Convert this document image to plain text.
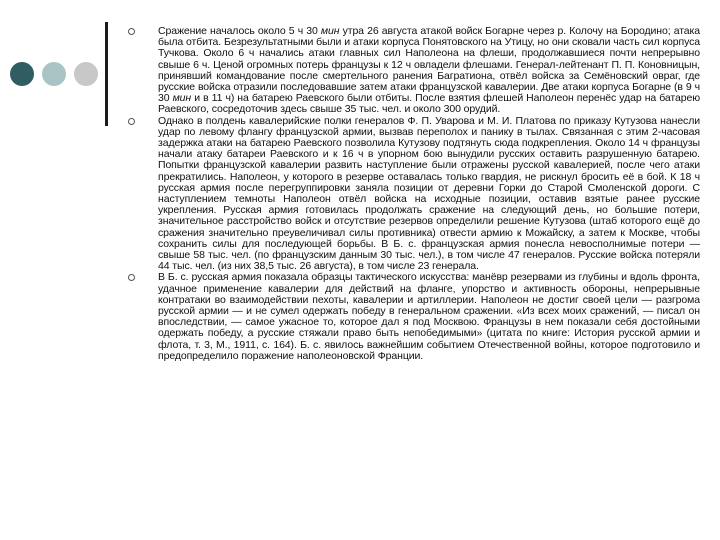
Сражение началось около 5 ч 30 мин утра 26 августа атакой войск Богарне через р. Колочу на Бородино; атака была отбита. Безрезультатными были и атаки корпуса Понятовского на Утицу, но они сковали часть сил корпуса Тучкова. Около 6 ч начались атаки главных сил Наполеона на флеши, продолжавшиеся почти непрерывно свыше 6 ч. Ценой огромных потерь французы к 12 ч овладели флешами. Генерал-лейтенант П. П. Коновницын, принявший командование после смертельного ранения Багратиона, отвёл войска за Семёновский овраг, где русские войска отразили последовавшие затем атаки французской кавалерии. Две атаки корпуса Богарне (в 9 ч 30 мин и в 11 ч) на батарею Раевского были отбиты. После взятия флешей Наполеон перенёс удар на батарею Раевского, сосредоточив здесь свыше 35 тыс. чел. и около 300 орудий.
Однако в полдень кавалерийские полки генералов Ф. П. Уварова и М. И. Платова по приказу Кутузова нанесли удар по левому флангу французской армии, вызвав переполох и панику в тылах. Связанная с этим 2-часовая задержка атаки на батарею Раевского позволила Кутузову подтянуть сюда подкрепления. Около 14 ч французы начали атаку батареи Раевского и к 16 ч в упорном бою вынудили русских оставить разрушенную батарею. Попытки французской кавалерии развить наступление были отражены русской кавалерией, после чего атаки прекратились. Наполеон, у которого в резерве оставалась только гвардия, не рискнул бросить её в бой. К 18 ч русская армия после перегруппировки заняла позиции от деревни Горки до Старой Смоленской дороги. С наступлением темноты Наполеон отвёл войска на исходные позиции, оставив взятые ранее русские укрепления. Русская армия готовилась продолжать сражение на следующий день, но большие потери, значительное расстройство войск и отсутствие резервов определили решение Кутузова (штаб которого ещё до сражения значительно преувеличивал силы противника) отвести армию к Можайску, а затем к Москве, чтобы сохранить силы для последующей борьбы. В Б. с. французская армия понесла невосполнимые потери — свыше 58 тыс. чел. (по французским данным 30 тыс. чел.), в том числе 47 генералов. Русские войска потеряли 44 тыс. чел. (из них 38,5 тыс. 26 августа), в том числе 23 генерала.
В Б. с. русская армия показала образцы тактического искусства: манёвр резервами из глубины и вдоль фронта, удачное применение кавалерии для действий на фланге, упорство и активность обороны, непрерывные контратаки во взаимодействии пехоты, кавалерии и артиллерии. Наполеон не достиг своей цели — разгрома русской армии — и не сумел одержать победу в генеральном сражении. «Из всех моих сражений, — писал он впоследствии, — самое ужасное то, которое дал я под Москвою. Французы в нем показали себя достойными одержать победу, а русские стяжали право быть непобедимыми» (цитата по книге: История русской армии и флота, т. 3, М., 1911, с. 164). Б. с. явилось важнейшим событием Отечественной войны, которое подготовило и предопределило поражение наполеоновской Франции.
